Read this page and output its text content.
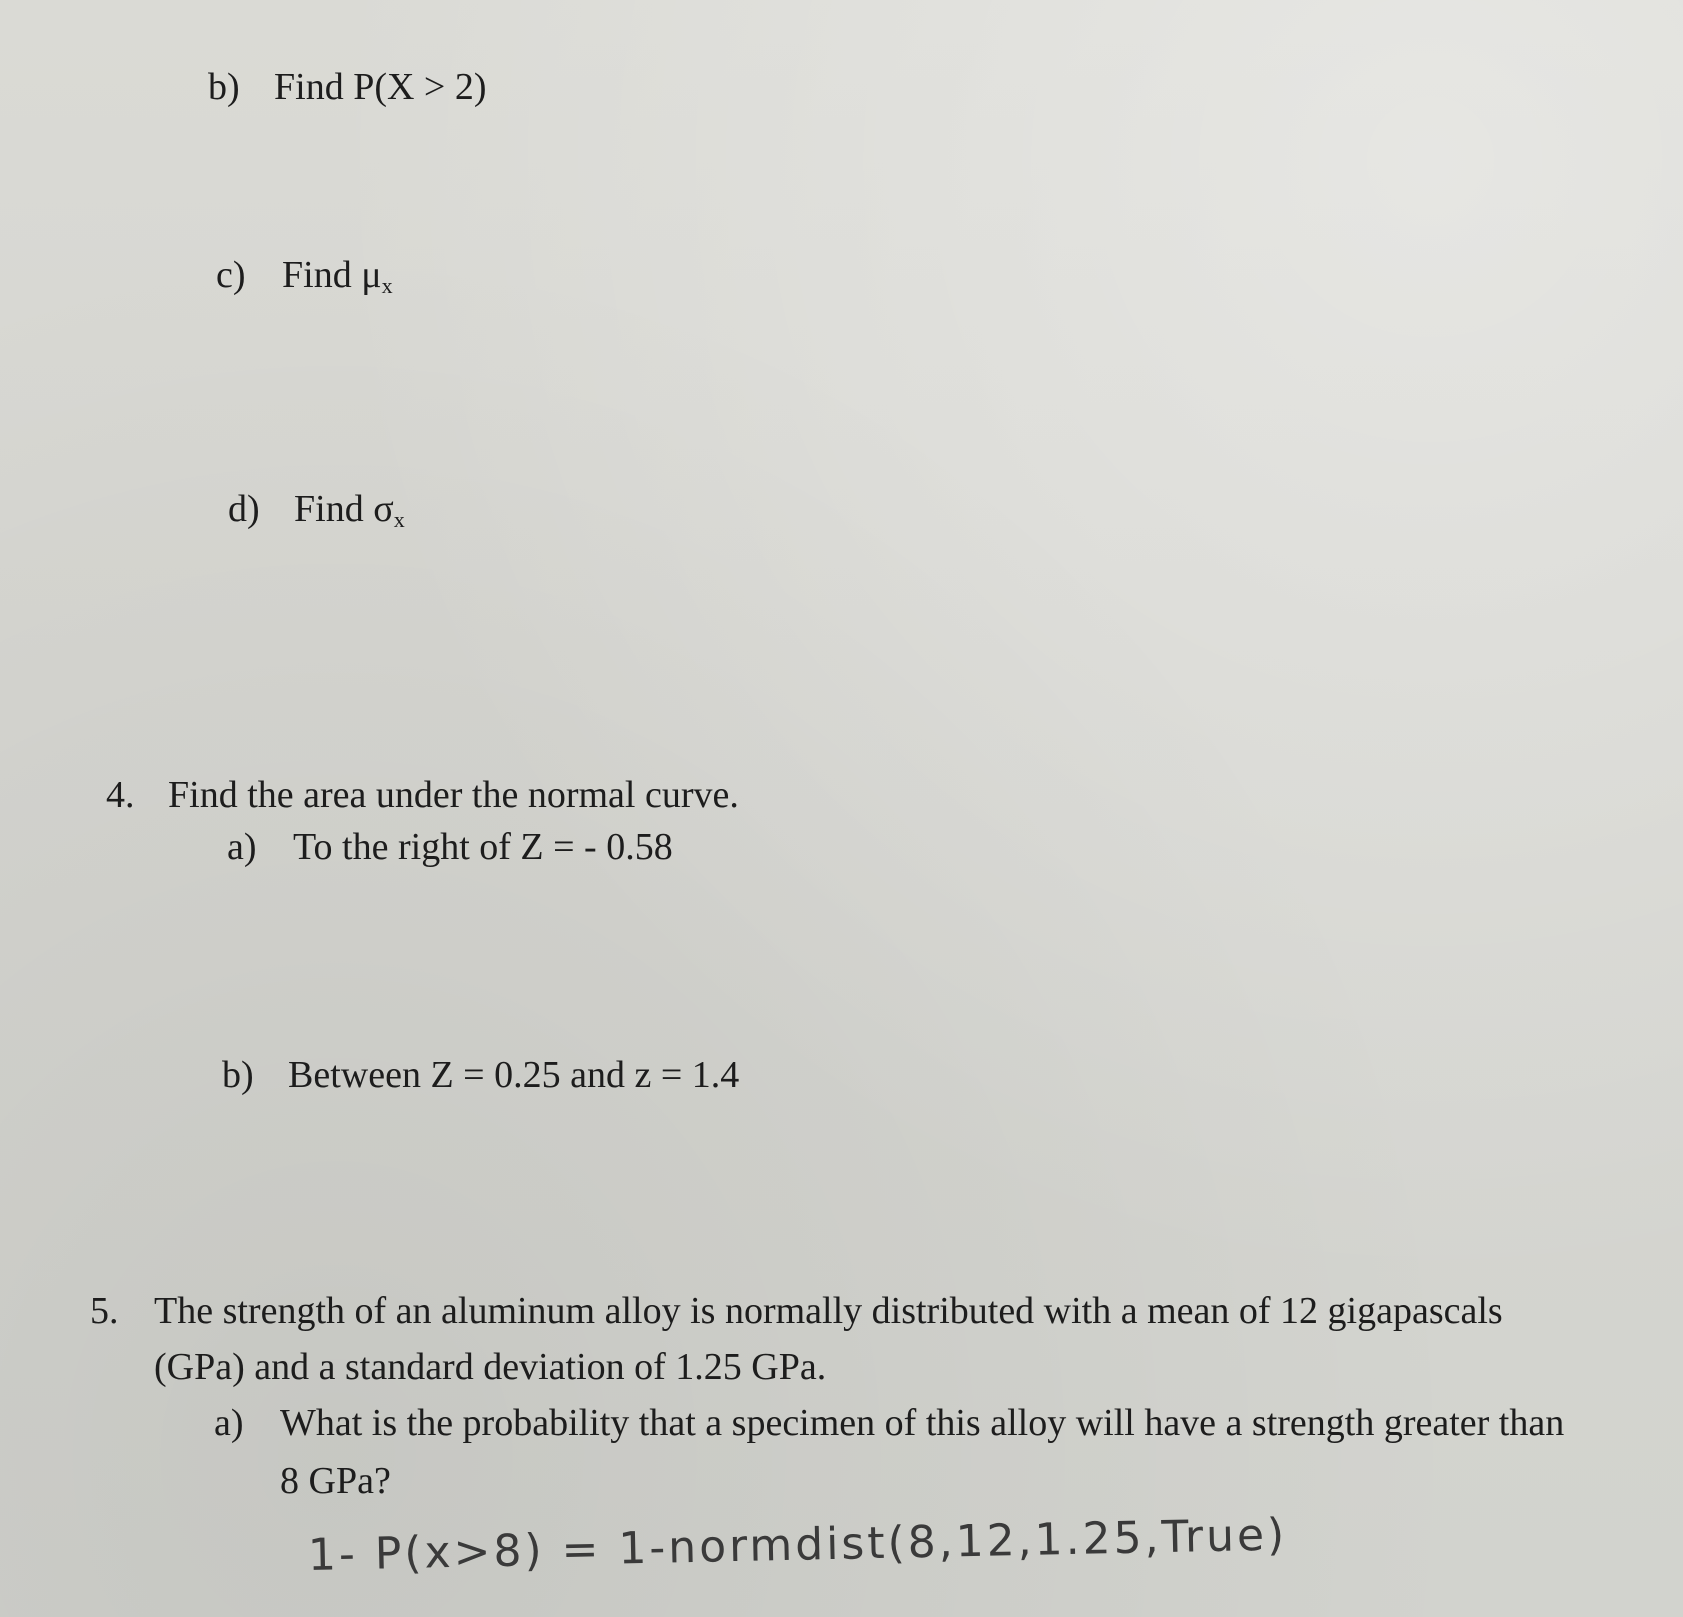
b) Find P(X > 2)
c) Find $\mu_x$
d) Find $\sigma_x$
4. Find the area under the normal curve.
a) To the right of Z = - 0.58
b) Between Z = 0.25 and z = 1.4
5. The strength of an aluminum alloy is normally distributed with a mean of 12 gigapascals
(GPa) and a standard deviation of 1.25 GPa.
a) What is the probability that a specimen of this alloy will have a strength greater than
8 GPa?
1- P(x>8) = 1-normdist(8,12,1.25,True)
